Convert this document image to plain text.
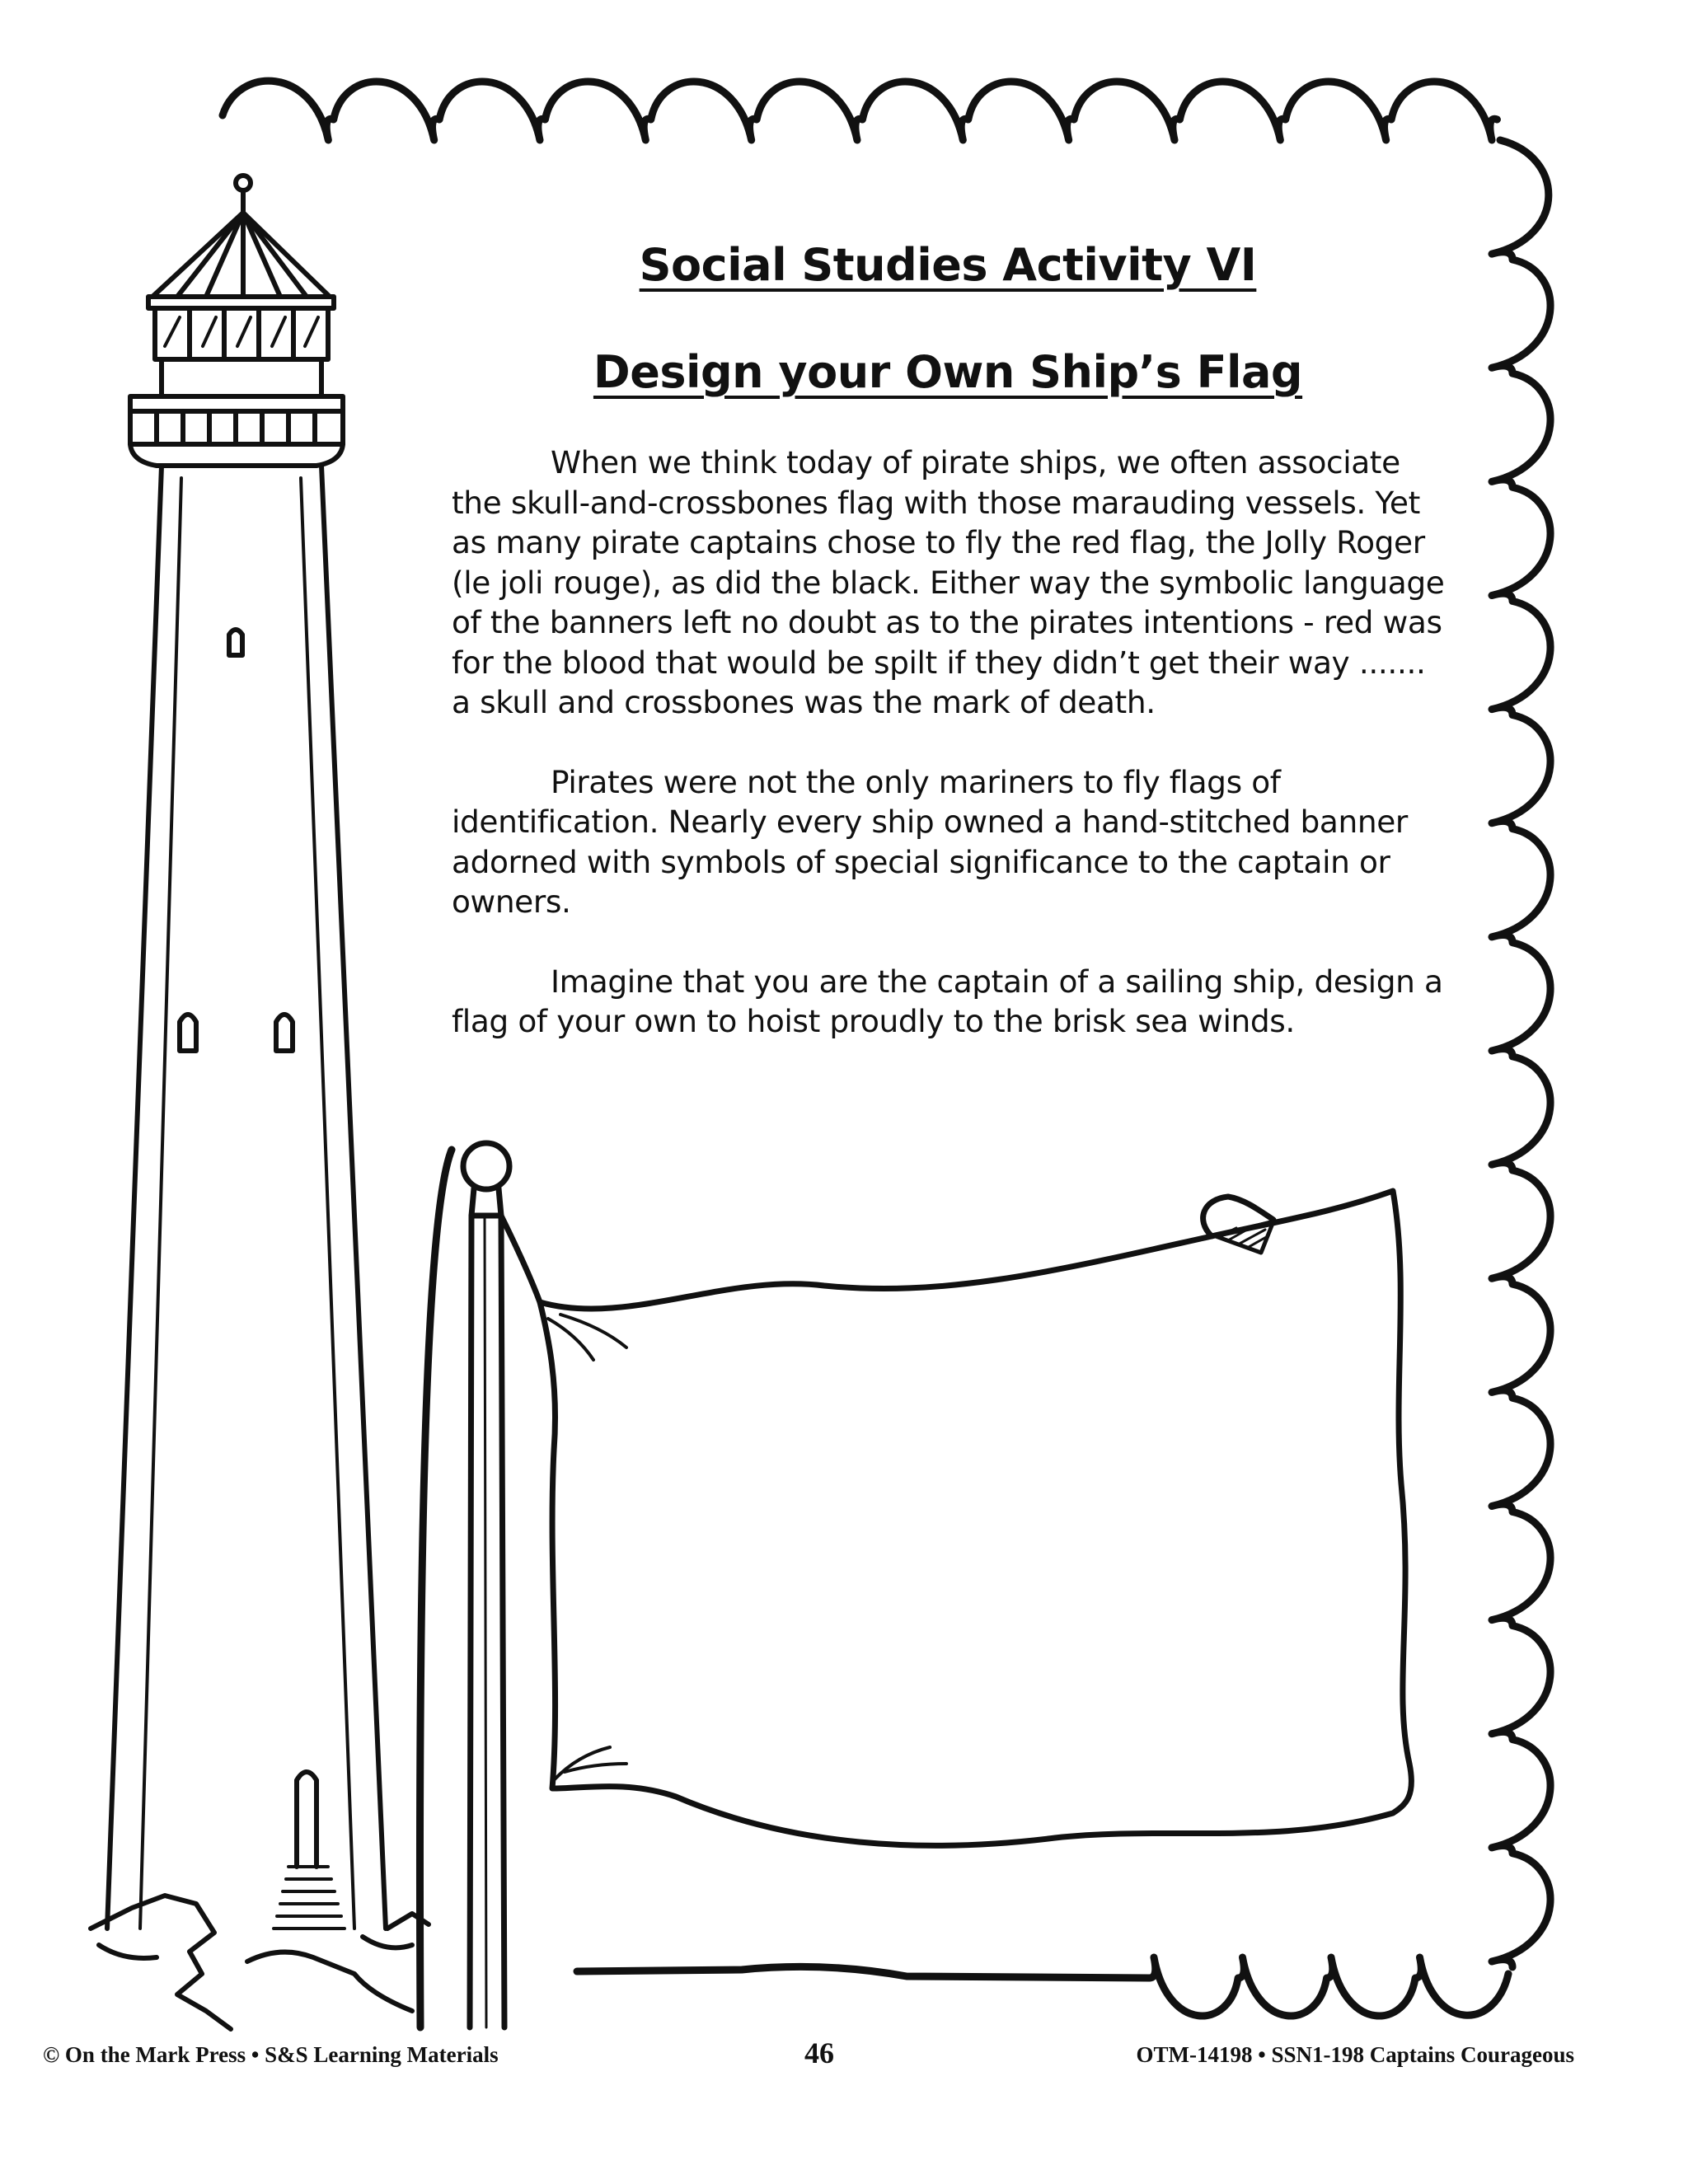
Social Studies Activity VI
Design your Own Ship’s Flag

When we think today of pirate ships, we often associate the skull-and-crossbones flag with those marauding vessels. Yet as many pirate captains chose to fly the red flag, the Jolly Roger (le joli rouge), as did the black. Either way the symbolic language of the banners left no doubt as to the pirates intentions - red was for the blood that would be spilt if they didn’t get their way ....... a skull and crossbones was the mark of death.

Pirates were not the only mariners to fly flags of identification. Nearly every ship owned a hand-stitched banner adorned with symbols of special significance to the captain or owners.

Imagine that you are the captain of a sailing ship, design a flag of your own to hoist proudly to the brisk sea winds.

© On the Mark Press • S&S Learning Materials	46	OTM-14198 • SSN1-198 Captains Courageous
